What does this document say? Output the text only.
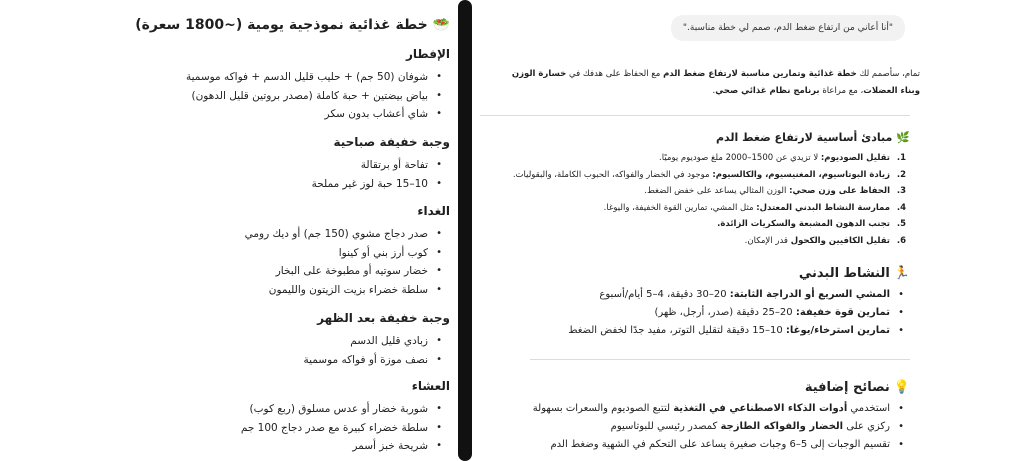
🥗 خطة غذائية نموذجية يومية (~1800 سعرة)
الإفطار
• شوفان (50 جم) + حليب قليل الدسم + فواكه موسمية
• بياض بيضتين + حبة كاملة (مصدر بروتين قليل الدهون)
• شاي أعشاب بدون سكر
وجبة خفيفة صباحية
• تفاحة أو برتقالة
• 10–15 حبة لوز غير مملحة
الغداء
• صدر دجاج مشوي (150 جم) أو ديك رومي
• كوب أرز بني أو كينوا
• خضار سوتيه أو مطبوخة على البخار
• سلطة خضراء بزيت الزيتون والليمون
وجبة خفيفة بعد الظهر
• زبادي قليل الدسم
• نصف موزة أو فواكه موسمية
العشاء
• شوربة خضار أو عدس مسلوق (ربع كوب)
• سلطة خضراء كبيرة مع صدر دجاج 100 جم
• شريحة خبز أسمر
"أنا أعاني من ارتفاع ضغط الدم، صمم لي خطة مناسبة."
تمام، سأصمم لك خطة غذائية وتمارين مناسبة لارتفاع ضغط الدم مع الحفاظ على هدفك في خسارة الوزن وبناء العضلات، مع مراعاة برنامج نظام غذائي صحي.
🌿مبادئ أساسية لارتفاع ضغط الدم
1.
تقليل الصوديوم: لا تزيدي عن 1500–2000 ملغ صوديوم يوميًا.
2.
زيادة البوتاسيوم، المغنيسيوم، والكالسيوم: موجود في الخضار والفواكه، الحبوب الكاملة، والبقوليات.
3.
الحفاظ على وزن صحي: الوزن المثالي يساعد على خفض الضغط.
4.
ممارسة النشاط البدني المعتدل: مثل المشي، تمارين القوة الخفيفة، واليوغا.
5.
تجنب الدهون المشبعة والسكريات الزائدة.
6.
تقليل الكافيين والكحول قدر الإمكان.
🏃النشاط البدني
• المشي السريع أو الدراجة الثابتة: 20–30 دقيقة، 4–5 أيام/أسبوع
• تمارين قوة خفيفة: 20–25 دقيقة (صدر، أرجل، ظهر)
• تمارين استرخاء/يوغا: 10–15 دقيقة لتقليل التوتر، مفيد جدًا لخفض الضغط
💡نصائح إضافية
• استخدمي أدوات الذكاء الاصطناعي في التغذية لتتبع الصوديوم والسعرات بسهولة
• ركزي على الخضار والفواكه الطازجة كمصدر رئيسي للبوتاسيوم
• تقسيم الوجبات إلى 5–6 وجبات صغيرة يساعد على التحكم في الشهية وضغط الدم
